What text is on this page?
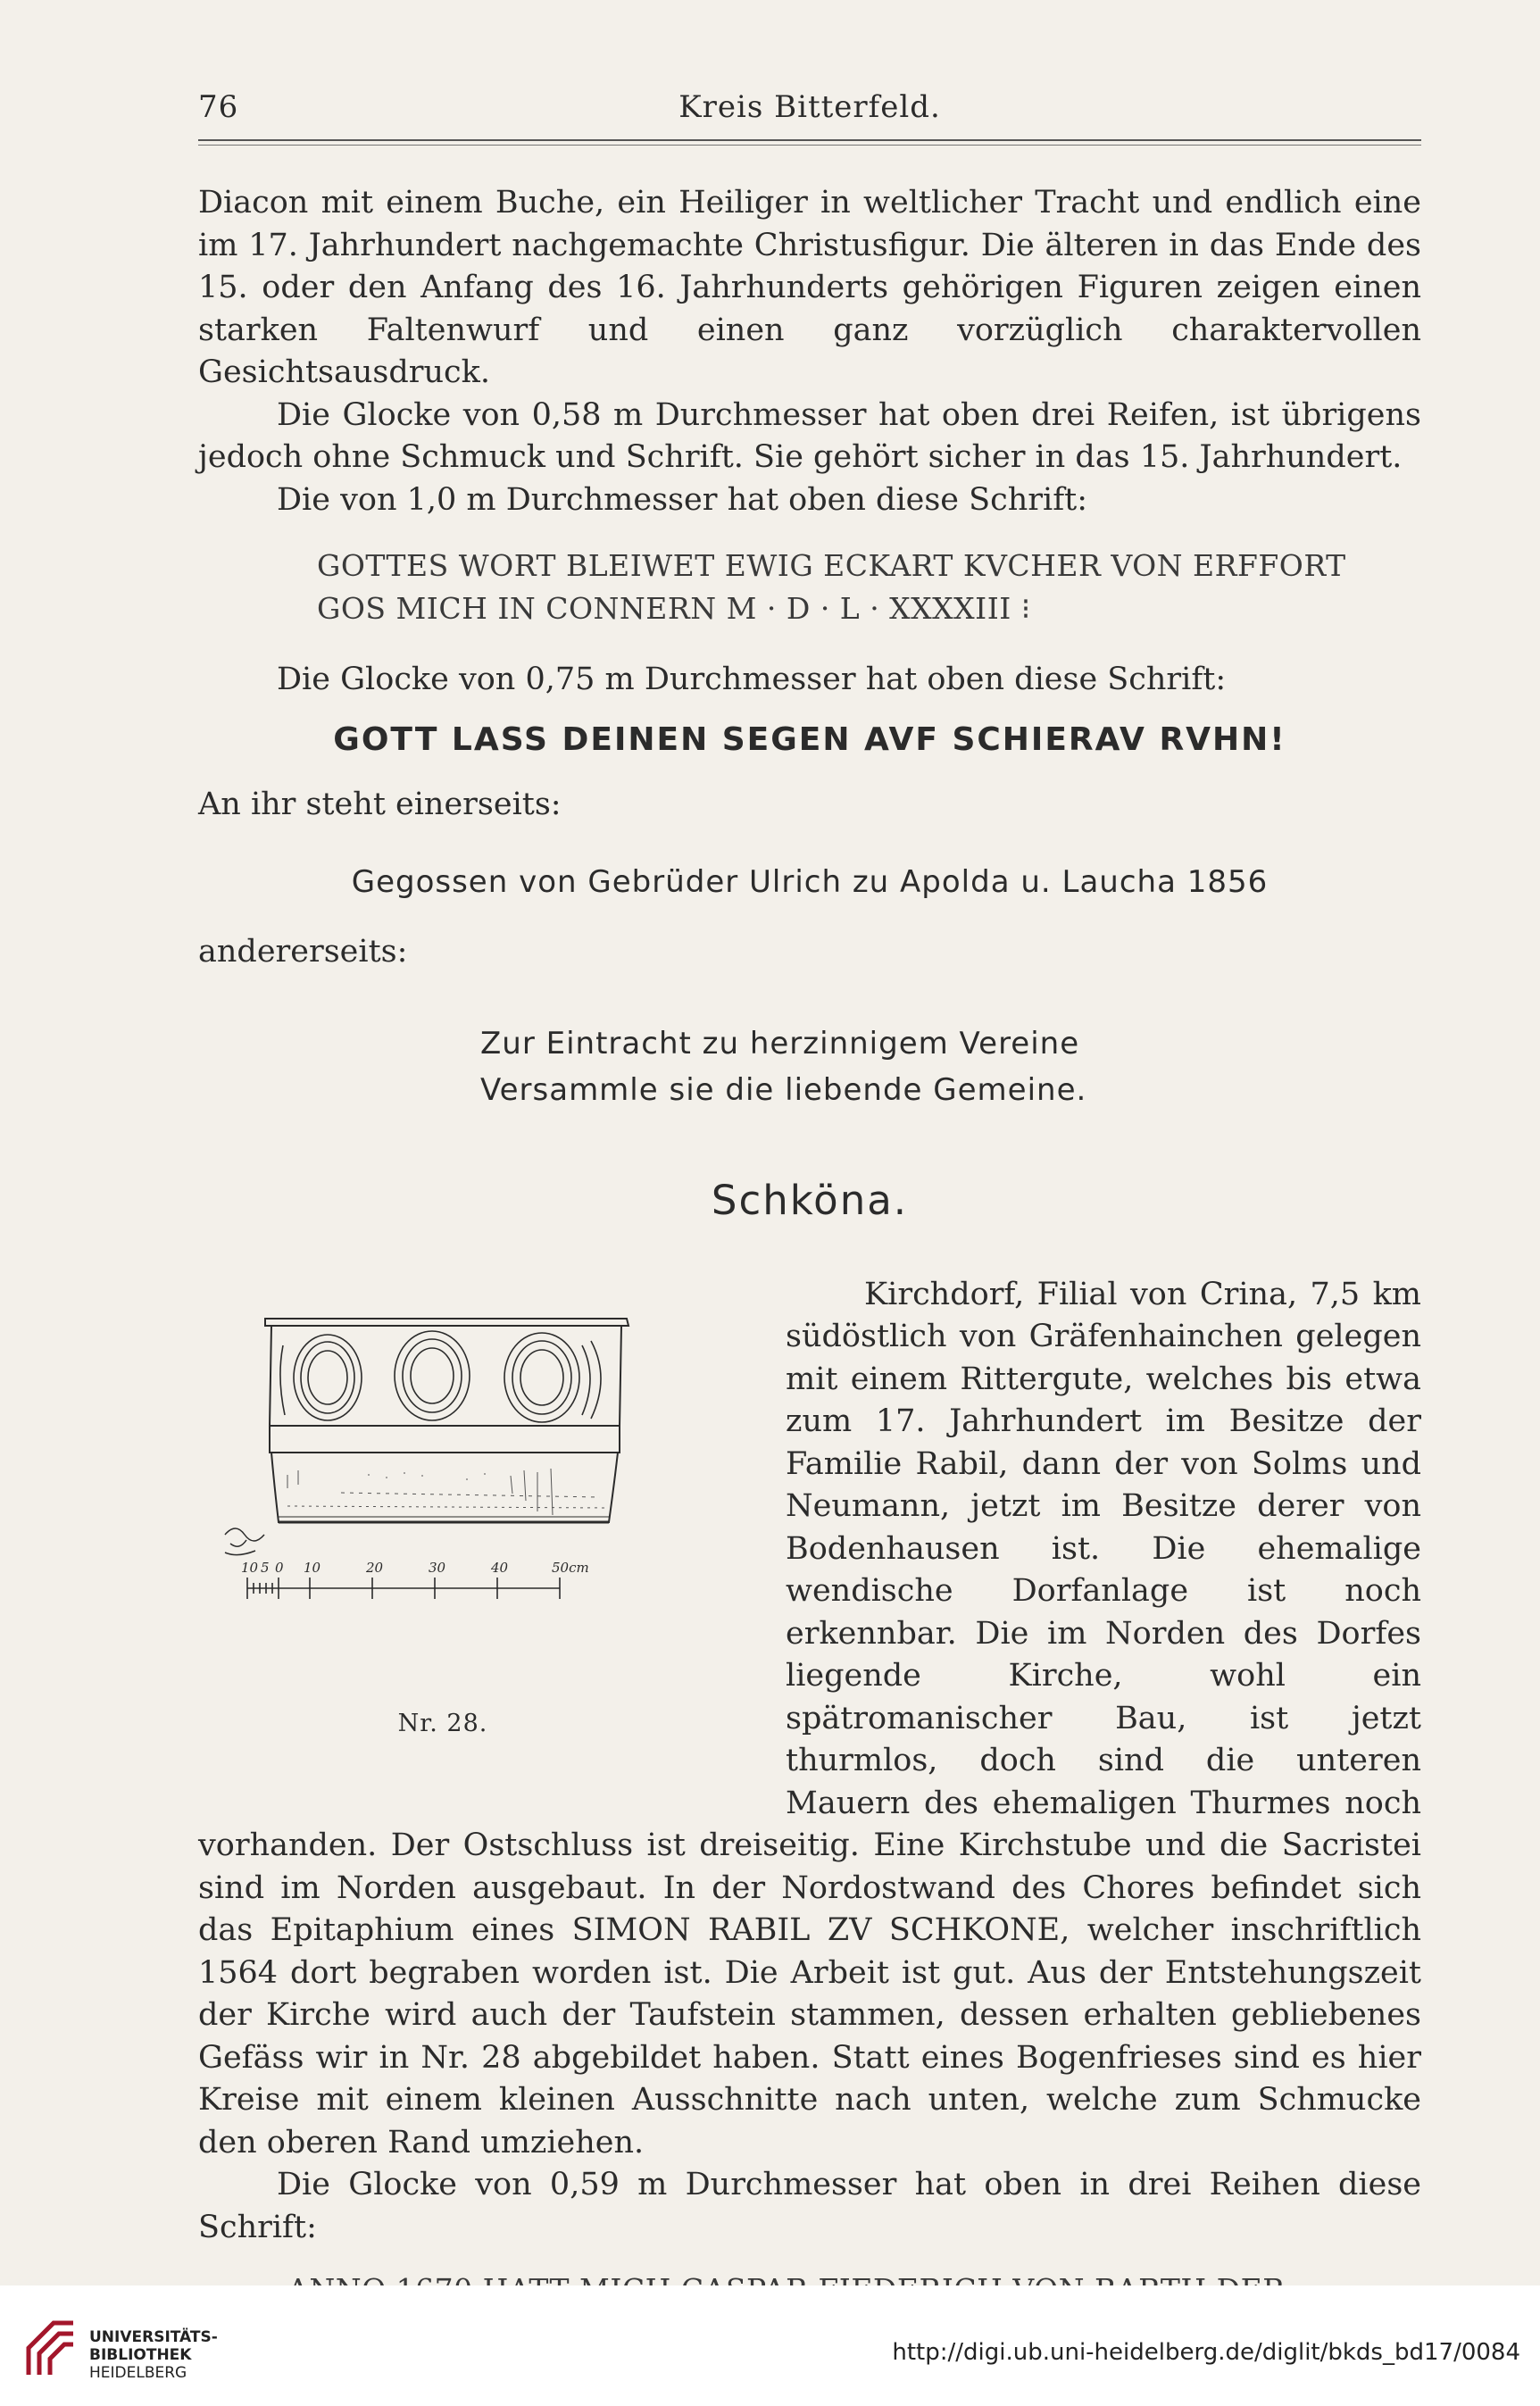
76	Kreis Bitterfeld.

Diacon mit einem Buche, ein Heiliger in weltlicher Tracht und endlich eine im 17. Jahrhundert nachgemachte Christusfigur. Die älteren in das Ende des 15. oder den Anfang des 16. Jahrhunderts gehörigen Figuren zeigen einen starken Faltenwurf und einen ganz vorzüglich charaktervollen Gesichtsausdruck.

Die Glocke von 0,58 m Durchmesser hat oben drei Reifen, ist übrigens jedoch ohne Schmuck und Schrift. Sie gehört sicher in das 15. Jahrhundert.

Die von 1,0 m Durchmesser hat oben diese Schrift:

GOTTES WORT BLEIWET EWIG ECKART KVCHER VON ERFFORT
GOS MICH IN CONNERN M · D · L · XXXXIII ⁝

Die Glocke von 0,75 m Durchmesser hat oben diese Schrift:

GOTT LASS DEINEN SEGEN AVF SCHIERAV RVHN!

An ihr steht einerseits:

Gegossen von Gebrüder Ulrich zu Apolda u. Laucha 1856

andererseits:

Zur Eintracht zu herzinnigem Vereine
Versammle sie die liebende Gemeine.
Schköna.

10 5 0 10	20	30	40	50cm
Nr. 28.
Kirchdorf, Filial von Crina, 7,5 km südöstlich von Gräfenhainchen gelegen mit einem Rittergute, welches bis etwa zum 17. Jahrhundert im Besitze der Familie Rabil, dann der von Solms und Neumann, jetzt im Besitze derer von Bodenhausen ist. Die ehemalige wendische Dorfanlage ist noch erkennbar. Die im Norden des Dorfes liegende Kirche, wohl ein spätromanischer Bau, ist jetzt thurmlos, doch sind die unteren Mauern des ehemaligen Thurmes noch vorhanden. Der Ostschluss ist dreiseitig. Eine Kirchstube und die Sacristei sind im Norden ausgebaut. In der Nordostwand des Chores befindet sich das Epitaphium eines SIMON RABIL ZV SCHKONE, welcher inschriftlich 1564 dort begraben worden ist. Die Arbeit ist gut. Aus der Entstehungszeit der Kirche wird auch der Taufstein stammen, dessen erhalten gebliebenes Gefäss wir in Nr. 28 abgebildet haben. Statt eines Bogenfrieses sind es hier Kreise mit einem kleinen Ausschnitte nach unten, welche zum Schmucke den oberen Rand umziehen.

Die Glocke von 0,59 m Durchmesser hat oben in drei Reihen diese Schrift:

UNIVERSITÄTS-
BIBLIOTHEK
HEIDELBERG
http://digi.ub.uni-heidelberg.de/diglit/bkds_bd17/0084
